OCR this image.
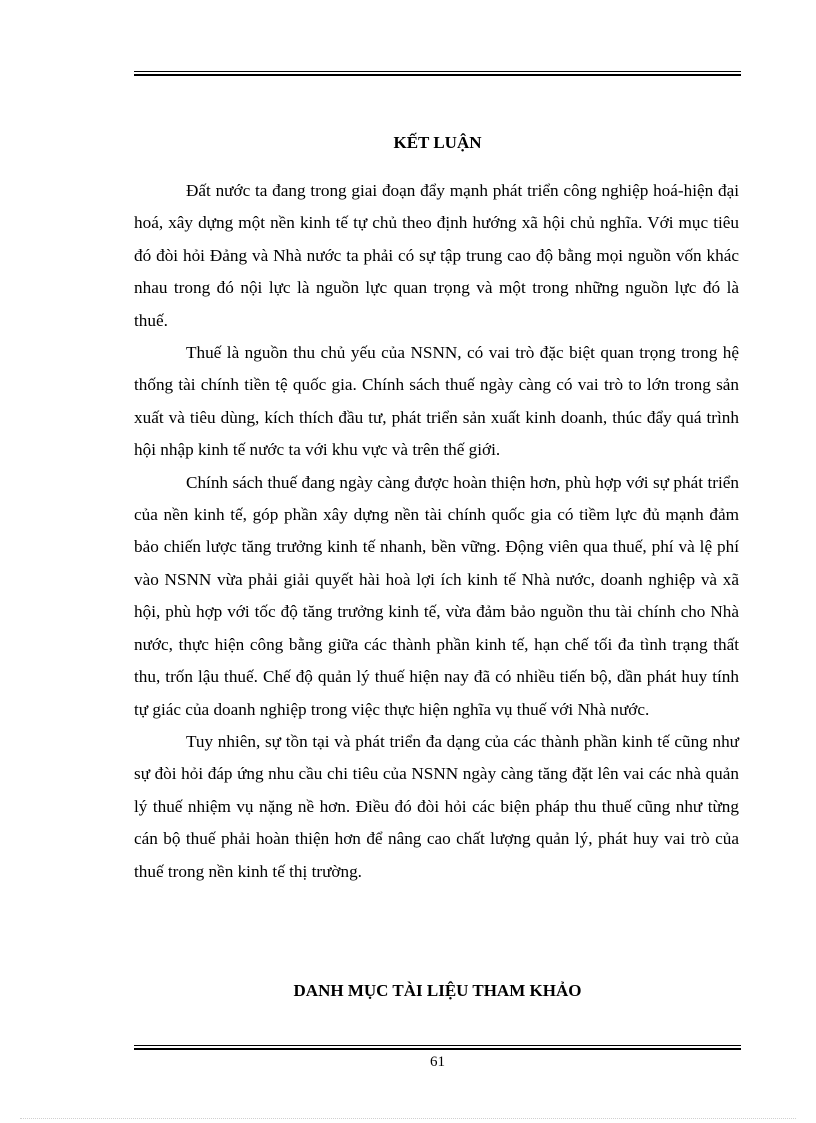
KẾT LUẬN

Đất nước ta đang trong giai đoạn đẩy mạnh phát triển công nghiệp hoá-hiện đại hoá, xây dựng một nền kinh tế tự chủ theo định hướng xã hội chủ nghĩa. Với mục tiêu đó đòi hỏi Đảng và Nhà nước ta phải có sự tập trung cao độ bằng mọi nguồn vốn khác nhau trong đó nội lực là nguồn lực quan trọng và một trong những nguồn lực đó là thuế.

Thuế là nguồn thu chủ yếu của NSNN, có vai trò đặc biệt quan trọng trong hệ thống tài chính tiền tệ quốc gia. Chính sách thuế ngày càng có vai trò to lớn trong sản xuất và tiêu dùng, kích thích đầu tư, phát triển sản xuất kinh doanh, thúc đẩy quá trình hội nhập kinh tế nước ta với khu vực và trên thế giới.

Chính sách thuế đang ngày càng được hoàn thiện hơn, phù hợp với sự phát triển của nền kinh tế, góp phần xây dựng nền tài chính quốc gia có tiềm lực đủ mạnh đảm bảo chiến lược tăng trưởng kinh tế nhanh, bền vững. Động viên qua thuế, phí và lệ phí vào NSNN vừa phải giải quyết hài hoà lợi ích kinh tế Nhà nước, doanh nghiệp và xã hội, phù hợp với tốc độ tăng trưởng kinh tế, vừa đảm bảo nguồn thu tài chính cho Nhà nước, thực hiện công bằng giữa các thành phần kinh tế, hạn chế tối đa tình trạng thất thu, trốn lậu thuế. Chế độ quản lý thuế hiện nay đã có nhiều tiến bộ, dần phát huy tính tự giác của doanh nghiệp trong việc thực hiện nghĩa vụ thuế với Nhà nước.

Tuy nhiên, sự tồn tại và phát triển đa dạng của các thành phần kinh tế cũng như sự đòi hỏi đáp ứng nhu cầu chi tiêu của NSNN ngày càng tăng đặt lên vai các nhà quản lý thuế nhiệm vụ nặng nề hơn. Điều đó đòi hỏi các biện pháp thu thuế cũng như từng cán bộ thuế phải hoàn thiện hơn để nâng cao chất lượng quản lý, phát huy vai trò của thuế trong nền kinh tế thị trường.

DANH MỤC TÀI LIỆU THAM KHẢO
61
